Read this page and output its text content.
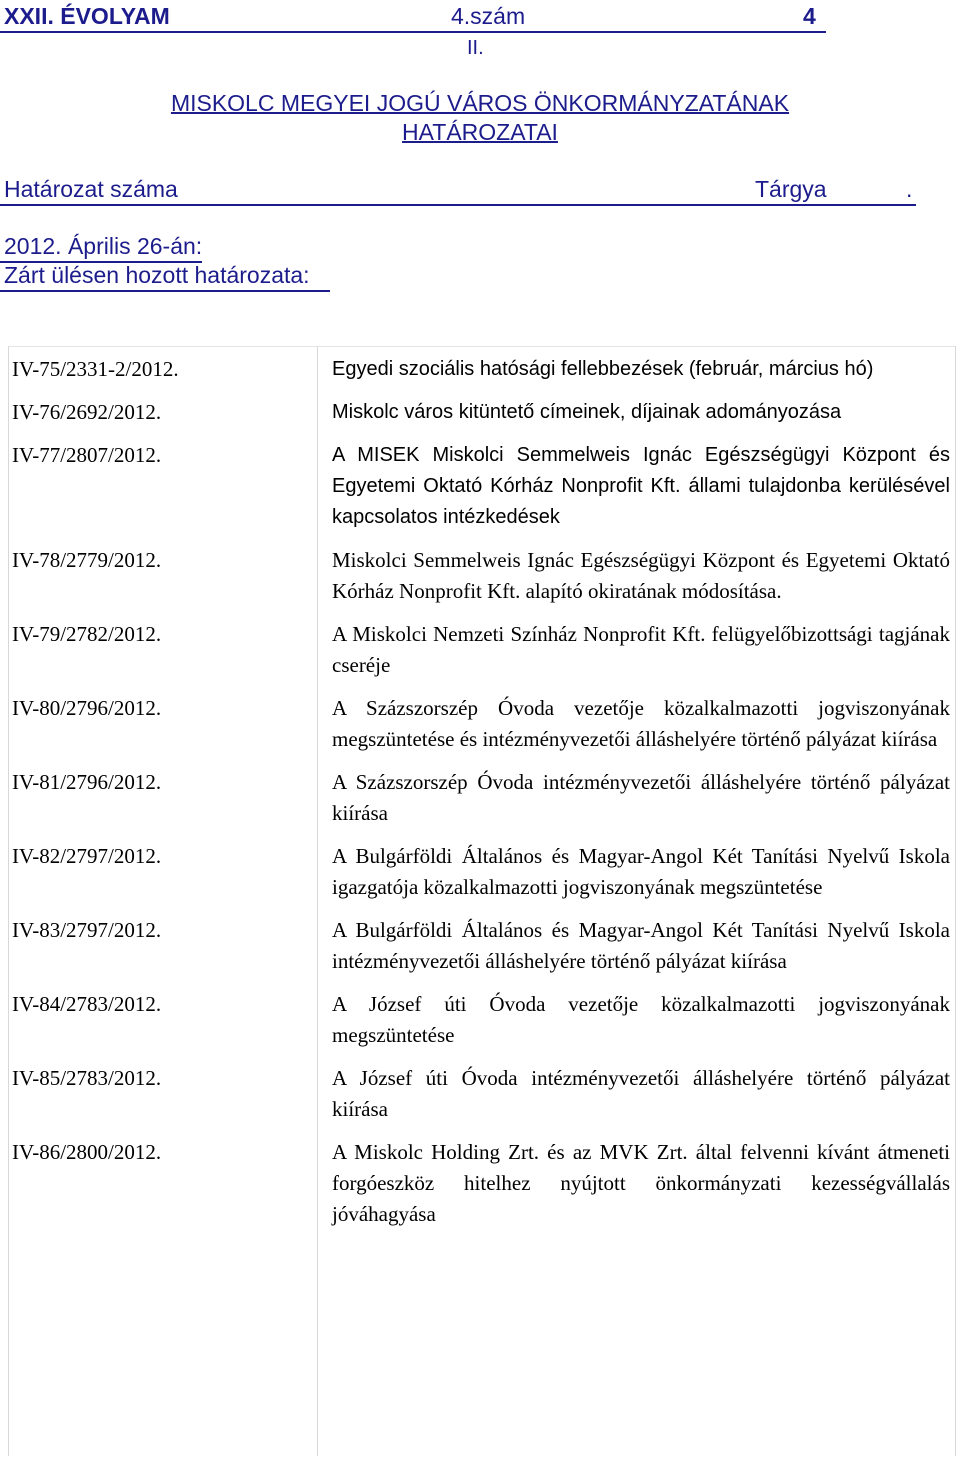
XXII. ÉVOLYAM	4.szám	4
II.
MISKOLC MEGYEI JOGÚ VÁROS ÖNKORMÁNYZATÁNAK
HATÁROZATAI
Határozat száma	Tárgya	.
2012. Április 26-án:
Zárt ülésen hozott határozata:
IV-75/2331-2/2012.	Egyedi szociális hatósági fellebbezések (február, március hó)
IV-76/2692/2012.	Miskolc város kitüntető címeinek, díjainak adományozása
IV-77/2807/2012.	A MISEK Miskolci Semmelweis Ignác Egészségügyi Központ és Egyetemi Oktató Kórház Nonprofit Kft. állami tulajdonba kerülésével kapcsolatos intézkedések
IV-78/2779/2012.	Miskolci Semmelweis Ignác Egészségügyi Központ és Egyetemi Oktató Kórház Nonprofit Kft. alapító okiratának módosítása.
IV-79/2782/2012.	A Miskolci Nemzeti Színház Nonprofit Kft. felügyelőbizottsági tagjának cseréje
IV-80/2796/2012.	A Százszorszép Óvoda vezetője közalkalmazotti jogviszonyának megszüntetése és intézményvezetői álláshelyére történő pályázat kiírása
IV-81/2796/2012.	A Százszorszép Óvoda intézményvezetői álláshelyére történő pályázat kiírása
IV-82/2797/2012.	A Bulgárföldi Általános és Magyar-Angol Két Tanítási Nyelvű Iskola igazgatója közalkalmazotti jogviszonyának megszüntetése
IV-83/2797/2012.	A Bulgárföldi Általános és Magyar-Angol Két Tanítási Nyelvű Iskola intézményvezetői álláshelyére történő pályázat kiírása
IV-84/2783/2012.	A József úti Óvoda vezetője közalkalmazotti jogviszonyának megszüntetése
IV-85/2783/2012.	A József úti Óvoda intézményvezetői álláshelyére történő pályázat kiírása
IV-86/2800/2012.	A Miskolc Holding Zrt. és az MVK Zrt. által felvenni kívánt átmeneti forgóeszköz hitelhez nyújtott önkormányzati kezességvállalás jóváhagyása
